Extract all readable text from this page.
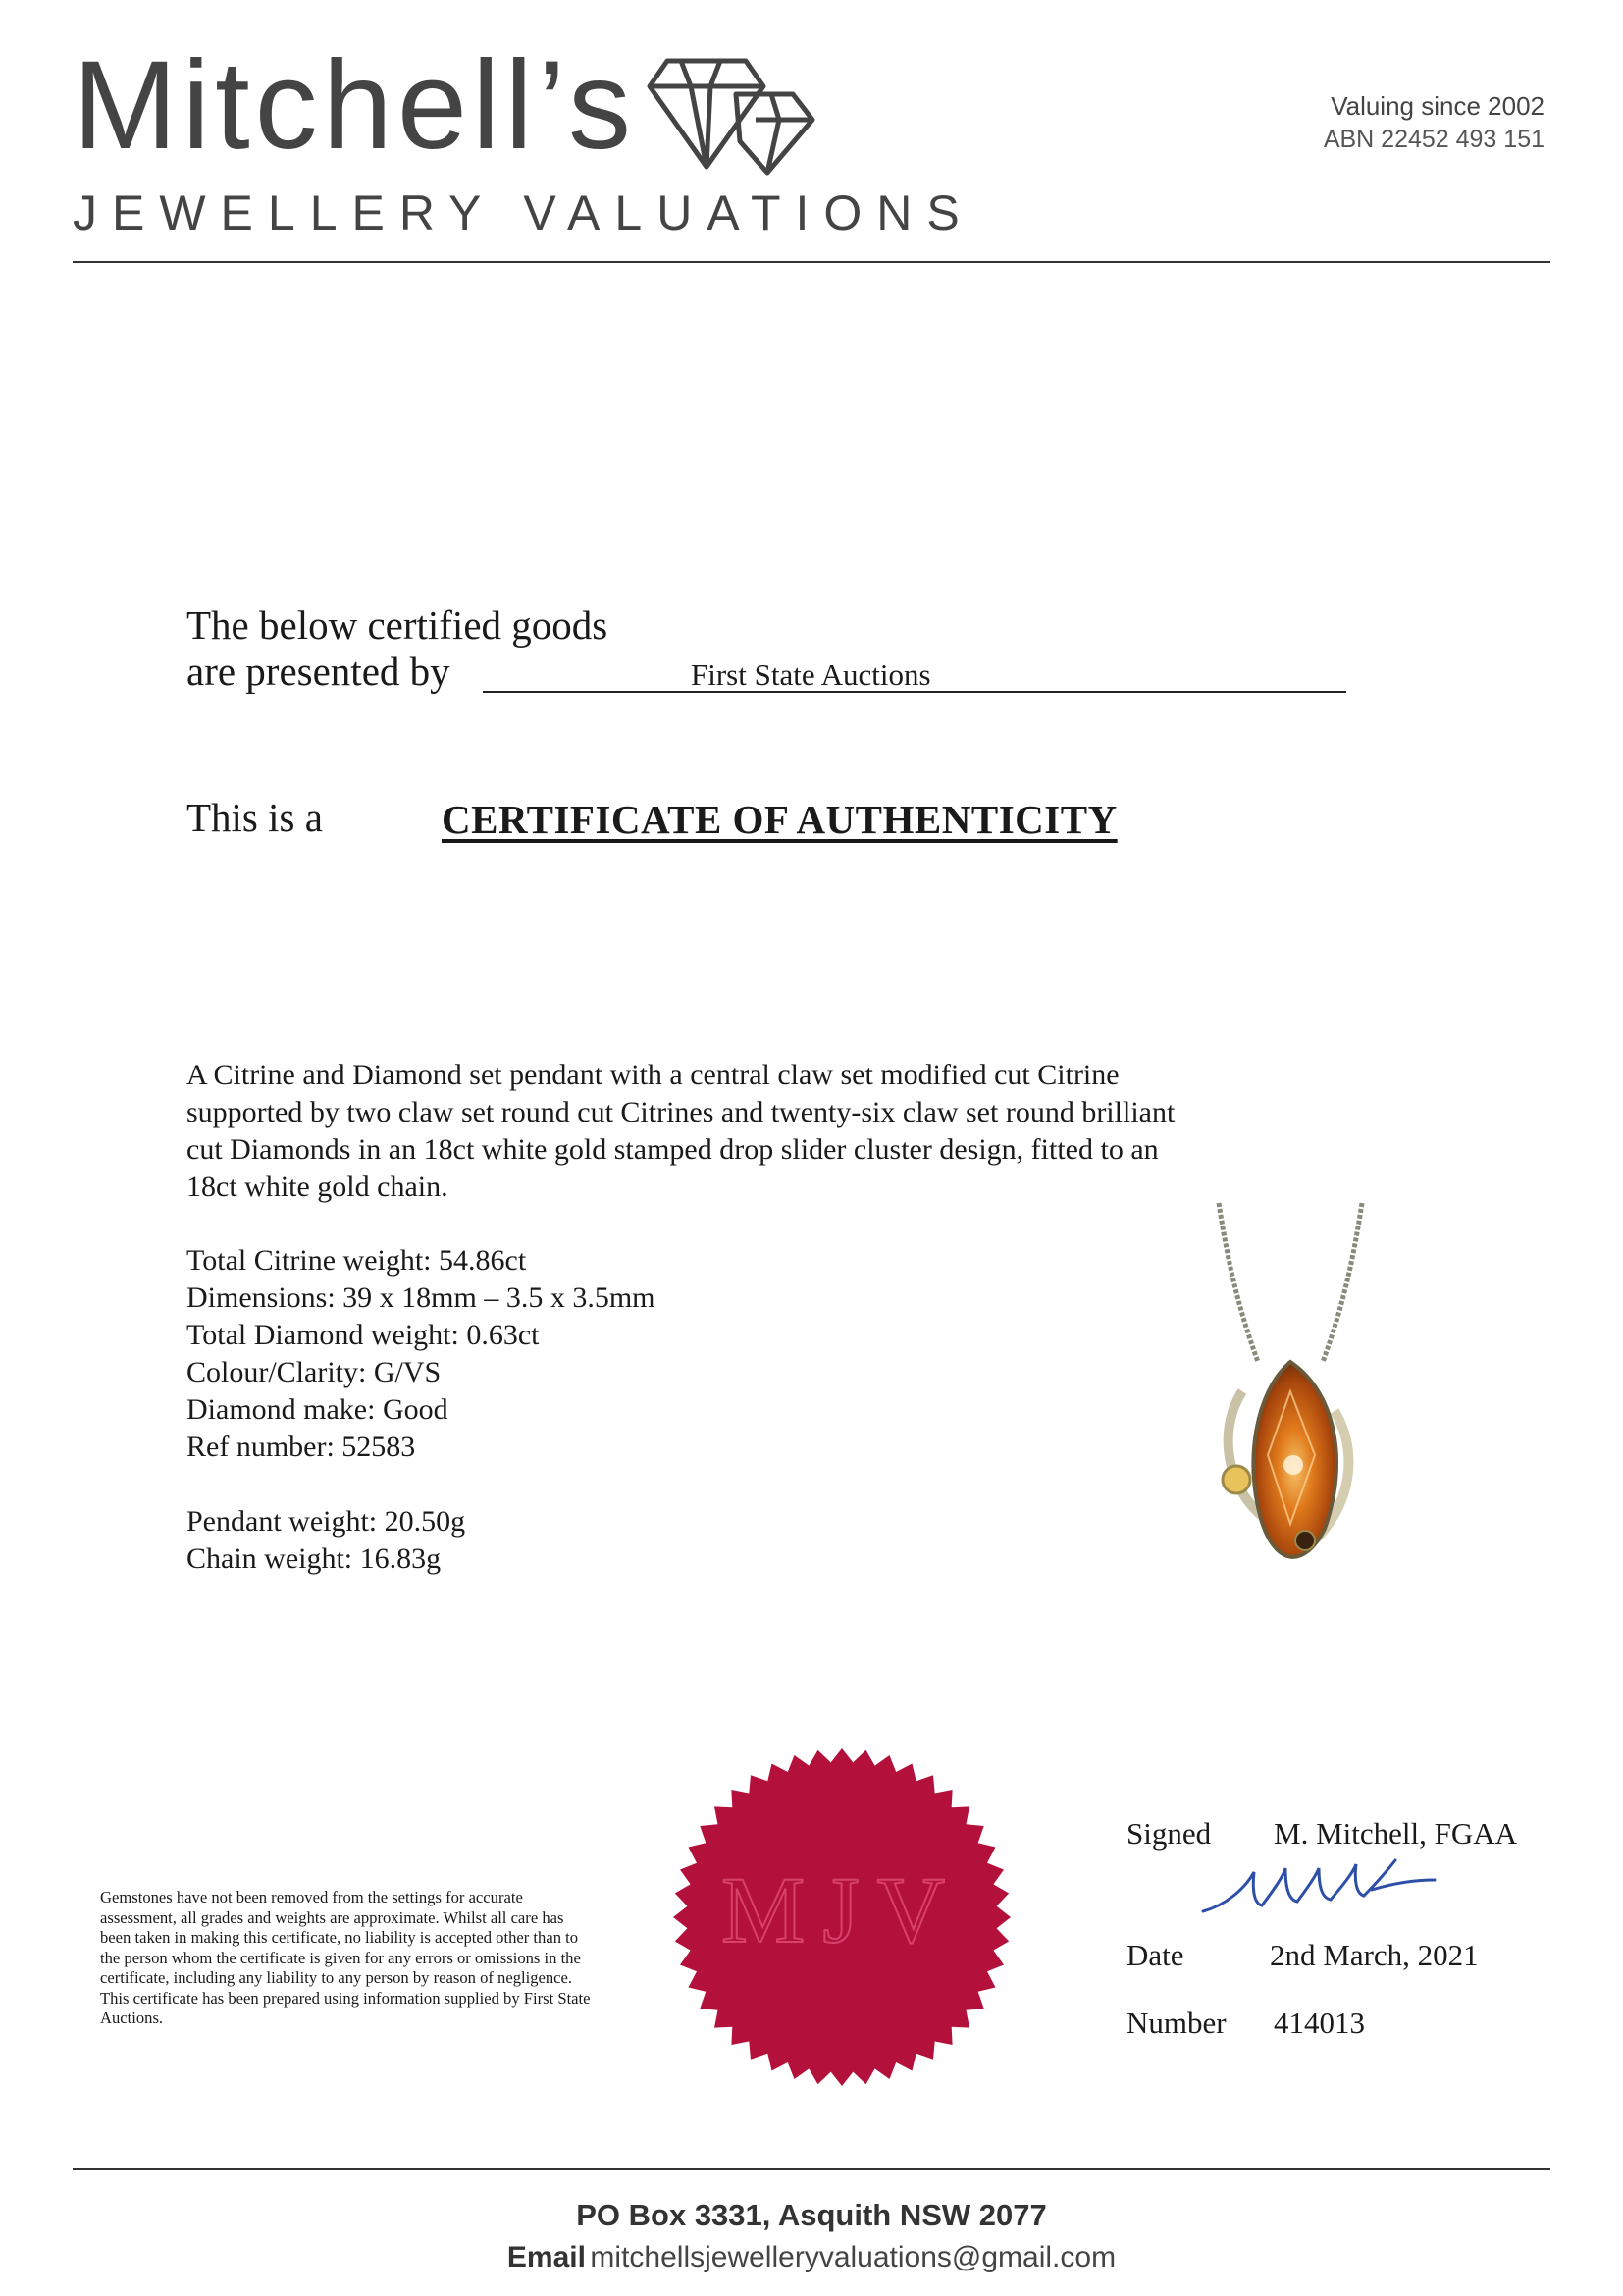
Mitchell’s
JEWELLERY VALUATIONS
Valuing since 2002
ABN 22452 493 151
The below certified goods
are presented by	First State Auctions
This is a	CERTIFICATE OF AUTHENTICITY

A Citrine and Diamond set pendant with a central claw set modified cut Citrine supported by two claw set round cut Citrines and twenty-six claw set round brilliant cut Diamonds in an 18ct white gold stamped drop slider cluster design, fitted to an 18ct white gold chain.

Total Citrine weight: 54.86ct
Dimensions: 39 x 18mm – 3.5 x 3.5mm
Total Diamond weight: 0.63ct
Colour/Clarity: G/VS
Diamond make: Good
Ref number: 52583
Pendant weight: 20.50g
Chain weight: 16.83g

Gemstones have not been removed from the settings for accurate assessment, all grades and weights are approximate. Whilst all care has been taken in making this certificate, no liability is accepted other than to the person whom the certificate is given for any errors or omissions in the certificate, including any liability to any person by reason of negligence. This certificate has been prepared using information supplied by First State Auctions.

MJV
Signed M. Mitchell, FGAA
Date	2nd March, 2021
Number 414013
PO Box 3331, Asquith NSW 2077
Email mitchellsjewelleryvaluations@gmail.com
